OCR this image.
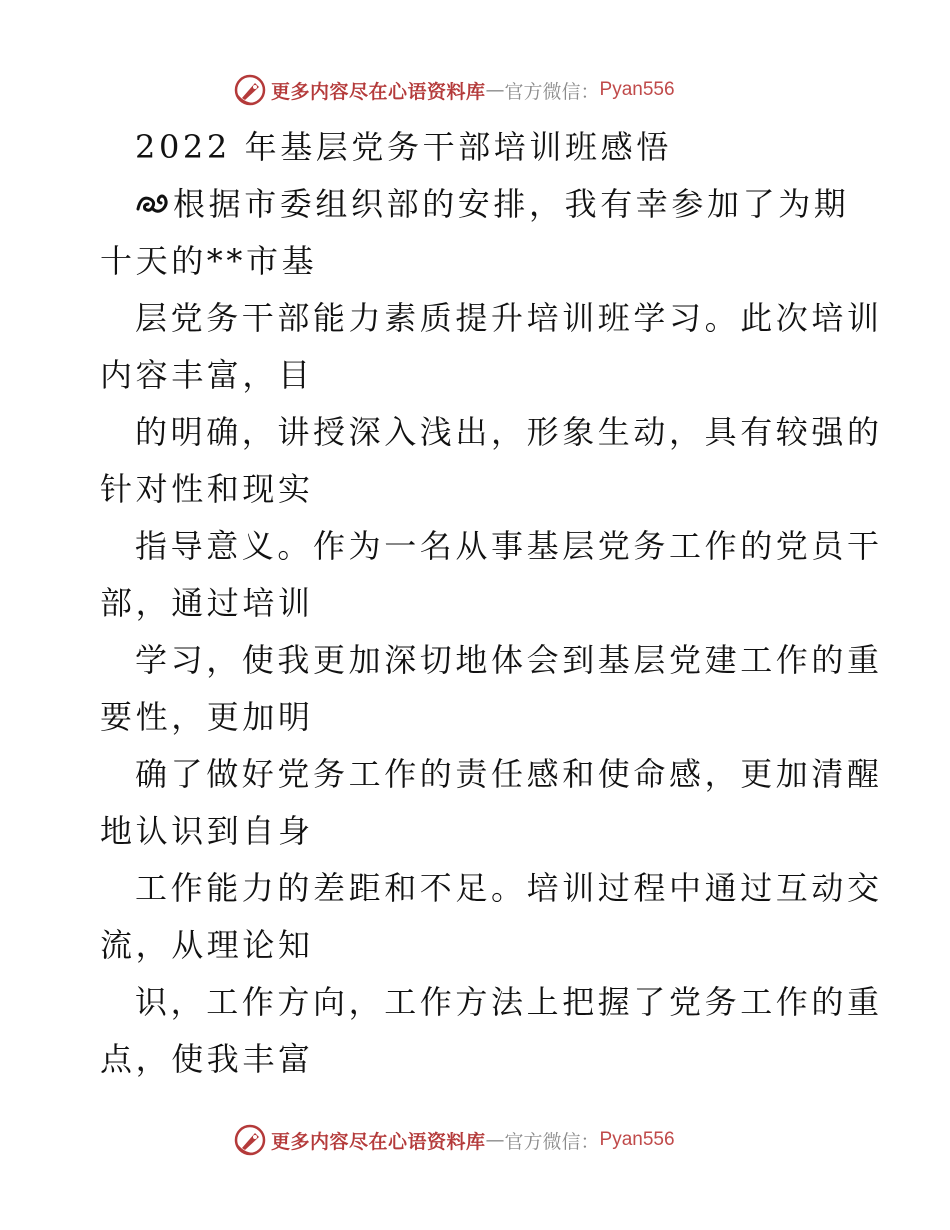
更多内容尽在心语资料库 — 官方微信： Pyan556
2022 年基层党务干部培训班感悟
根据市委组织部的安排，我有幸参加了为期
十天的**市基
层党务干部能力素质提升培训班学习。此次培训
内容丰富，目
的明确，讲授深入浅出，形象生动，具有较强的
针对性和现实
指导意义。作为一名从事基层党务工作的党员干
部，通过培训
学习，使我更加深切地体会到基层党建工作的重
要性，更加明
确了做好党务工作的责任感和使命感，更加清醒
地认识到自身
工作能力的差距和不足。培训过程中通过互动交
流，从理论知
识，工作方向，工作方法上把握了党务工作的重
点，使我丰富
更多内容尽在心语资料库 — 官方微信： Pyan556
